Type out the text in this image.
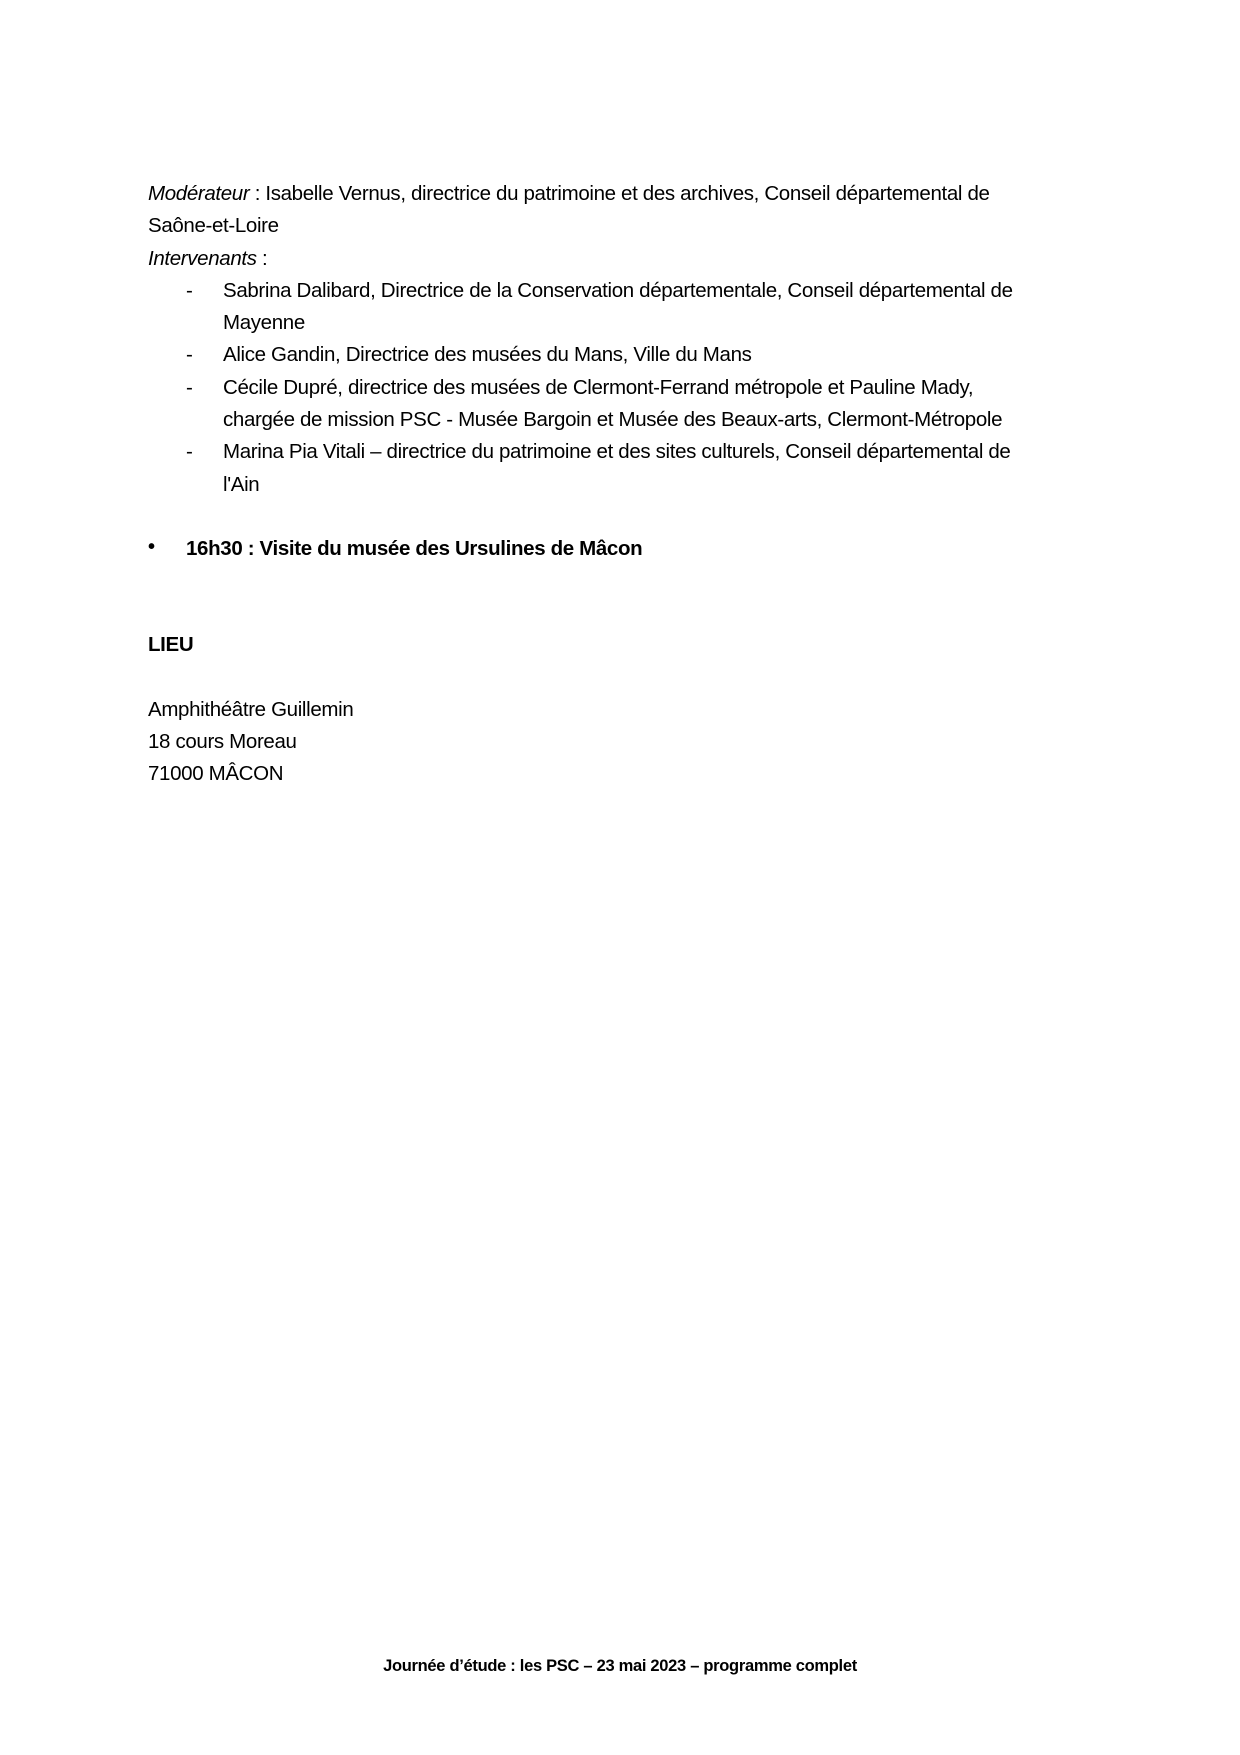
Modérateur : Isabelle Vernus, directrice du patrimoine et des archives, Conseil départemental de
Saône-et-Loire
Intervenants :
- Sabrina Dalibard, Directrice de la Conservation départementale, Conseil départemental de
Mayenne
- Alice Gandin, Directrice des musées du Mans, Ville du Mans
- Cécile Dupré, directrice des musées de Clermont-Ferrand métropole et Pauline Mady,
chargée de mission PSC - Musée Bargoin et Musée des Beaux-arts, Clermont-Métropole
- Marina Pia Vitali – directrice du patrimoine et des sites culturels, Conseil départemental de
l'Ain
• 16h30 : Visite du musée des Ursulines de Mâcon
LIEU
Amphithéâtre Guillemin
18 cours Moreau
71000 MÂCON
Journée d’étude : les PSC – 23 mai 2023 – programme complet
